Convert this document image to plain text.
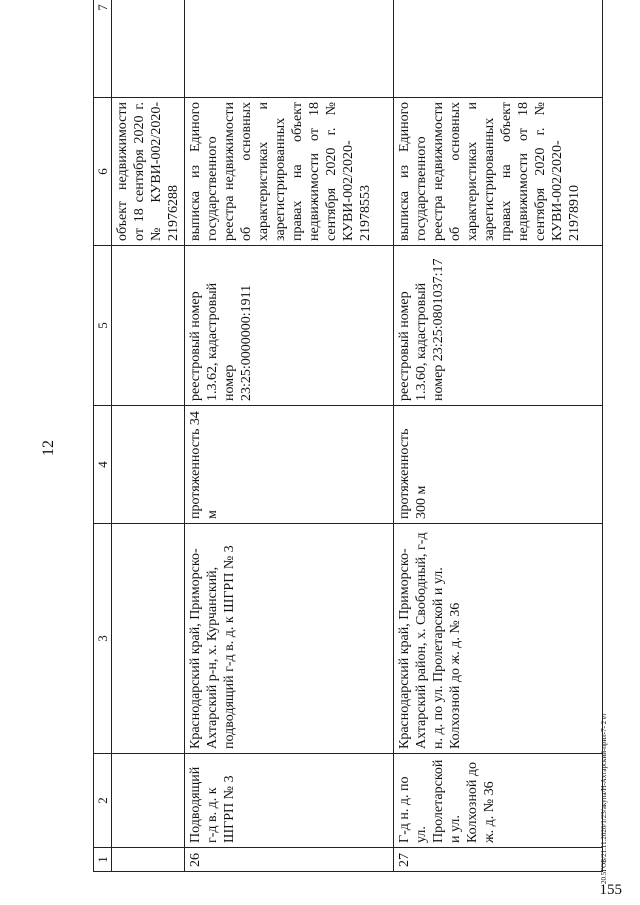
12
20.5ГОБ/21.11.2020/1/23/акупа/Н-Ахтарский-прил-7- 2 ет
1	2	3	4	5	6	7
					объект недвижимости от 18 сентября 2020 г. № КУВИ-002/2020-21976288	
26	Подводящий г-д в. д. к ШГРП № 3	Краснодарский край, Приморско-Ахтарский р-н, х. Курчанский, подводящий г-д в. д. к ШГРП № 3	протяженность 34 м	реестровый номер 1.3.62, кадастровый номер 23:25:0000000:1911	выписка из Единого государственного реестра недвижимости об основных характеристиках и зарегистрированных правах на объект недвижимости от 18 сентября 2020 г. № КУВИ-002/2020-21978553	
27	Г-д н. д. по ул. Пролетарской и ул. Колхозной до ж. д. № 36	Краснодарский край, Приморско-Ахтарский район, х. Свободный, г-д н. д. по ул. Пролетарской и ул. Колхозной до ж. д. № 36	протяженность 300 м	реестровый номер 1.3.60, кадастровый номер 23:25:0801037:17	выписка из Единого государственного реестра недвижимости об основных характеристиках и зарегистрированных правах на объект недвижимости от 18 сентября 2020 г. № КУВИ-002/2020-21978910	
155
